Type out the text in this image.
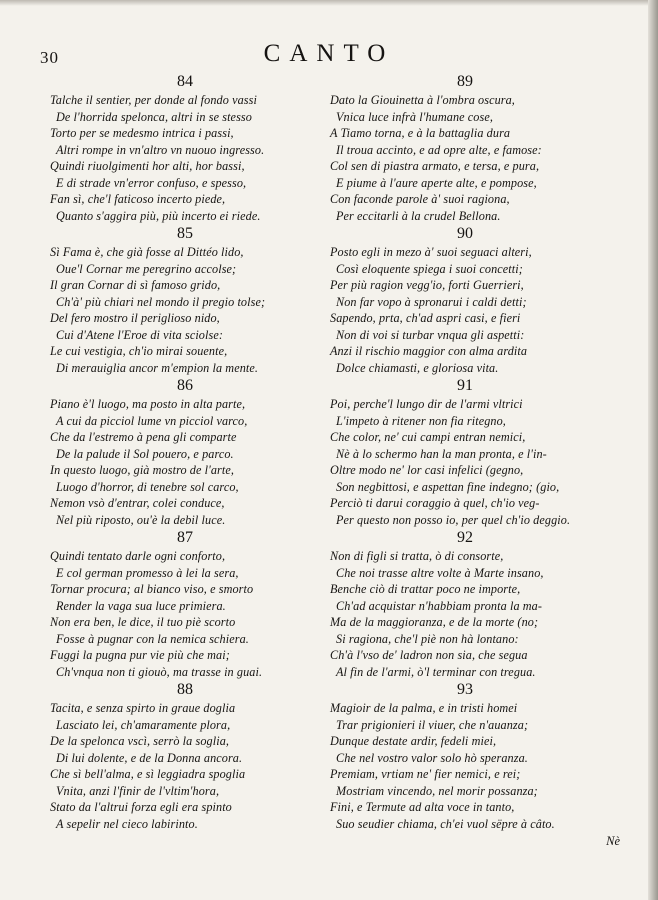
30	CANTO
84
Talche il sentier, per donde al fondo vassi
De l'horrida spelonca, altri in se stesso
Torto per se medesmo intrica i passi,
Altri rompe in vn'altro vn nuouo ingresso.
Quindi riuolgimenti hor alti, hor bassi,
E di strade vn'error confuso, e spesso,
Fan sì, che'l faticoso incerto piede,
Quanto s'aggira più, più incerto ei riede.
85
Sì Fama è, che già fosse al Dittéo lido,
Oue'l Cornar me peregrino accolse;
Il gran Cornar di sì famoso grido,
Ch'à' più chiari nel mondo il pregio tolse;
Del fero mostro il periglioso nido,
Cui d'Atene l'Eroe di vita sciolse:
Le cui vestigia, ch'io mirai souente,
Di merauiglia ancor m'empion la mente.
86
Piano è'l luogo, ma posto in alta parte,
A cui da picciol lume vn picciol varco,
Che da l'estremo à pena gli comparte
De la palude il Sol pouero, e parco.
In questo luogo, già mostro de l'arte,
Luogo d'horror, di tenebre sol carco,
Nemon vsò d'entrar, colei conduce,
Nel più riposto, ou'è la debil luce.
87
Quindi tentato darle ogni conforto,
E col german promesso à lei la sera,
Tornar procura; al bianco viso, e smorto
Render la vaga sua luce primiera.
Non era ben, le dice, il tuo piè scorto
Fosse à pugnar con la nemica schiera.
Fuggi la pugna pur vie più che mai;
Ch'vnqua non ti giouò, ma trasse in guai.
88
Tacita, e senza spirto in graue doglia
Lasciato lei, ch'amaramente plora,
De la spelonca vscì, serrò la soglia,
Di lui dolente, e de la Donna ancora.
Che sì bell'alma, e sì leggiadra spoglia
Vnita, anzi l'finir de l'vltim'hora,
Stato da l'altrui forza egli era spinto
A sepelir nel cieco labirinto.
89
Dato la Giouinetta à l'ombra oscura,
Vnica luce infrà l'humane cose,
A Tiamo torna, e à la battaglia dura
Il troua accinto, e ad opre alte, e famose:
Col sen di piastra armato, e tersa, e pura,
E piume à l'aure aperte alte, e pompose,
Con faconde parole à' suoi ragiona,
Per eccitarli à la crudel Bellona.
90
Posto egli in mezo à' suoi seguaci alteri,
Così eloquente spiega i suoi concetti;
Per più ragion vegg'io, forti Guerrieri,
Non far vopo à spronarui i caldi detti;
Sapendo, prta, ch'ad aspri casi, e fieri
Non di voi si turbar vnqua gli aspetti:
Anzi il rischio maggior con alma ardita
Dolce chiamasti, e gloriosa vita.
91
Poi, perche'l lungo dir de l'armi vltrici
L'impeto à ritener non fia ritegno,
Che color, ne' cui campi entran nemici,
Nè à lo schermo han la man pronta, e l'in-
Oltre modo ne' lor casi infelici (gegno,
Son negbittosi, e aspettan fine indegno; (gio,
Perciò ti darui coraggio à quel, ch'io veg-
Per questo non posso io, per quel ch'io deggio.
92
Non di figli si tratta, ò di consorte,
Che noi trasse altre volte à Marte insano,
Benche ciò di trattar poco ne importe,
Ch'ad acquistar n'habbiam pronta la ma-
Ma de la maggioranza, e de la morte (no;
Si ragiona, che'l piè non hà lontano:
Ch'à l'vso de' ladron non sia, che segua
Al fin de l'armi, ò'l terminar con tregua.
93
Magioir de la palma, e in tristi homei
Trar prigionieri il viuer, che n'auanza;
Dunque destate ardir, fedeli miei,
Che nel vostro valor solo hò speranza.
Premiam, vrtiam ne' fier nemici, e rei;
Mostriam vincendo, nel morir possanza;
Fini, e Termute ad alta voce in tanto,
Suo seudier chiama, ch'ei vuol sëpre à câto.
Nè
